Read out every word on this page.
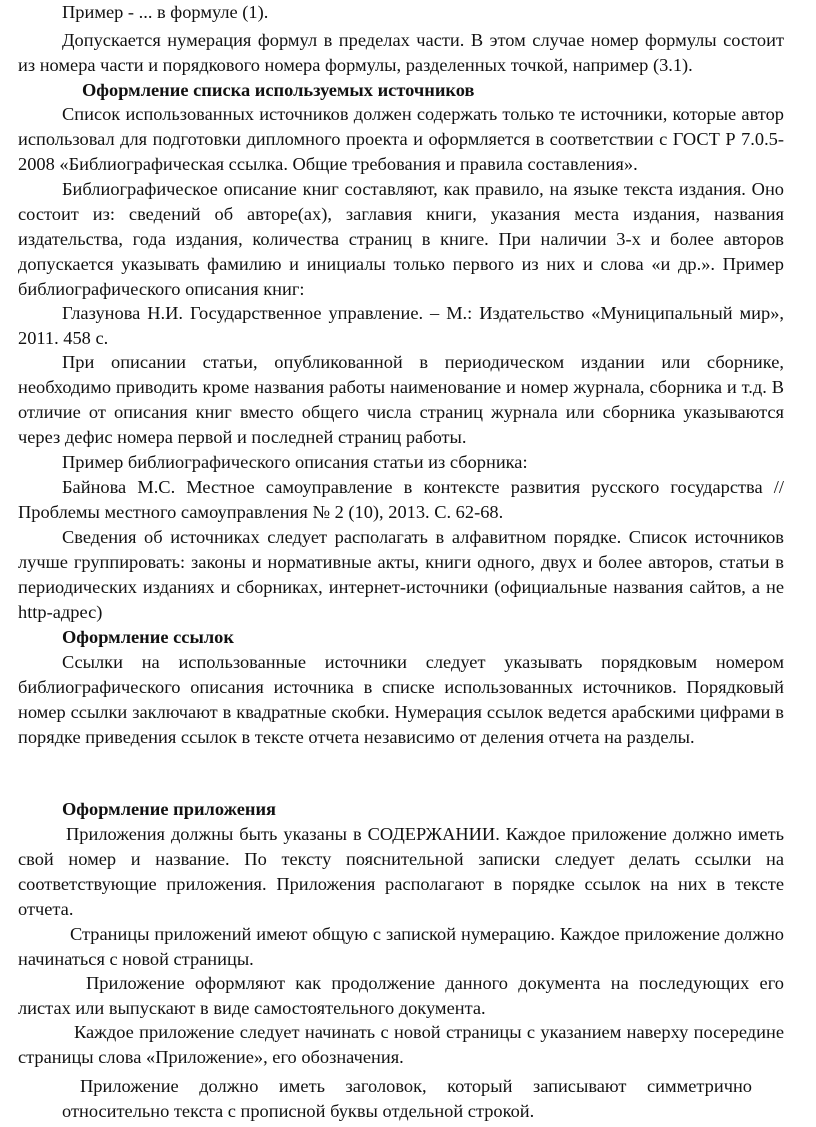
Пример - ... в формуле (1).

Допускается нумерация формул в пределах части. В этом случае номер формулы состоит из номера части и порядкового номера формулы, разделенных точкой, например (3.1).

Оформление списка используемых источников

Список использованных источников должен содержать только те источники, которые автор использовал для подготовки дипломного проекта и оформляется в соответствии с ГОСТ Р 7.0.5-2008 «Библиографическая ссылка. Общие требования и правила составления».

Библиографическое описание книг составляют, как правило, на языке текста издания. Оно состоит из: сведений об авторе(ах), заглавия книги, указания места издания, названия издательства, года издания, количества страниц в книге. При наличии 3-х и более авторов допускается указывать фамилию и инициалы только первого из них и слова «и др.». Пример библиографического описания книг:

Глазунова Н.И. Государственное управление. – М.: Издательство «Муниципальный мир», 2011. 458 с.

При описании статьи, опубликованной в периодическом издании или сборнике, необходимо приводить кроме названия работы наименование и номер журнала, сборника и т.д. В отличие от описания книг вместо общего числа страниц журнала или сборника указываются через дефис номера первой и последней страниц работы.

Пример библиографического описания статьи из сборника:

Байнова М.С. Местное самоуправление в контексте развития русского государства // Проблемы местного самоуправления № 2 (10), 2013. С. 62-68.

Сведения об источниках следует располагать в алфавитном порядке. Список источников лучше группировать: законы и нормативные акты, книги одного, двух и более авторов, статьи в периодических изданиях и сборниках, интернет-источники (официальные названия сайтов, а не http-адрес)

Оформление ссылок

Ссылки на использованные источники следует указывать порядковым номером библиографического описания источника в списке использованных источников. Порядковый номер ссылки заключают в квадратные скобки. Нумерация ссылок ведется арабскими цифрами в порядке приведения ссылок в тексте отчета независимо от деления отчета на разделы.

Оформление приложения

Приложения должны быть указаны в СОДЕРЖАНИИ. Каждое приложение должно иметь свой номер и название. По тексту пояснительной записки следует делать ссылки на соответствующие приложения. Приложения располагают в порядке ссылок на них в тексте отчета.

Страницы приложений имеют общую с запиской нумерацию. Каждое приложение должно начинаться с новой страницы.

Приложение оформляют как продолжение данного документа на последующих его листах или выпускают в виде самостоятельного документа.

Каждое приложение следует начинать с новой страницы с указанием наверху посередине страницы слова «Приложение», его обозначения.

Приложение должно иметь заголовок, который записывают симметрично относительно текста с прописной буквы отдельной строкой.
